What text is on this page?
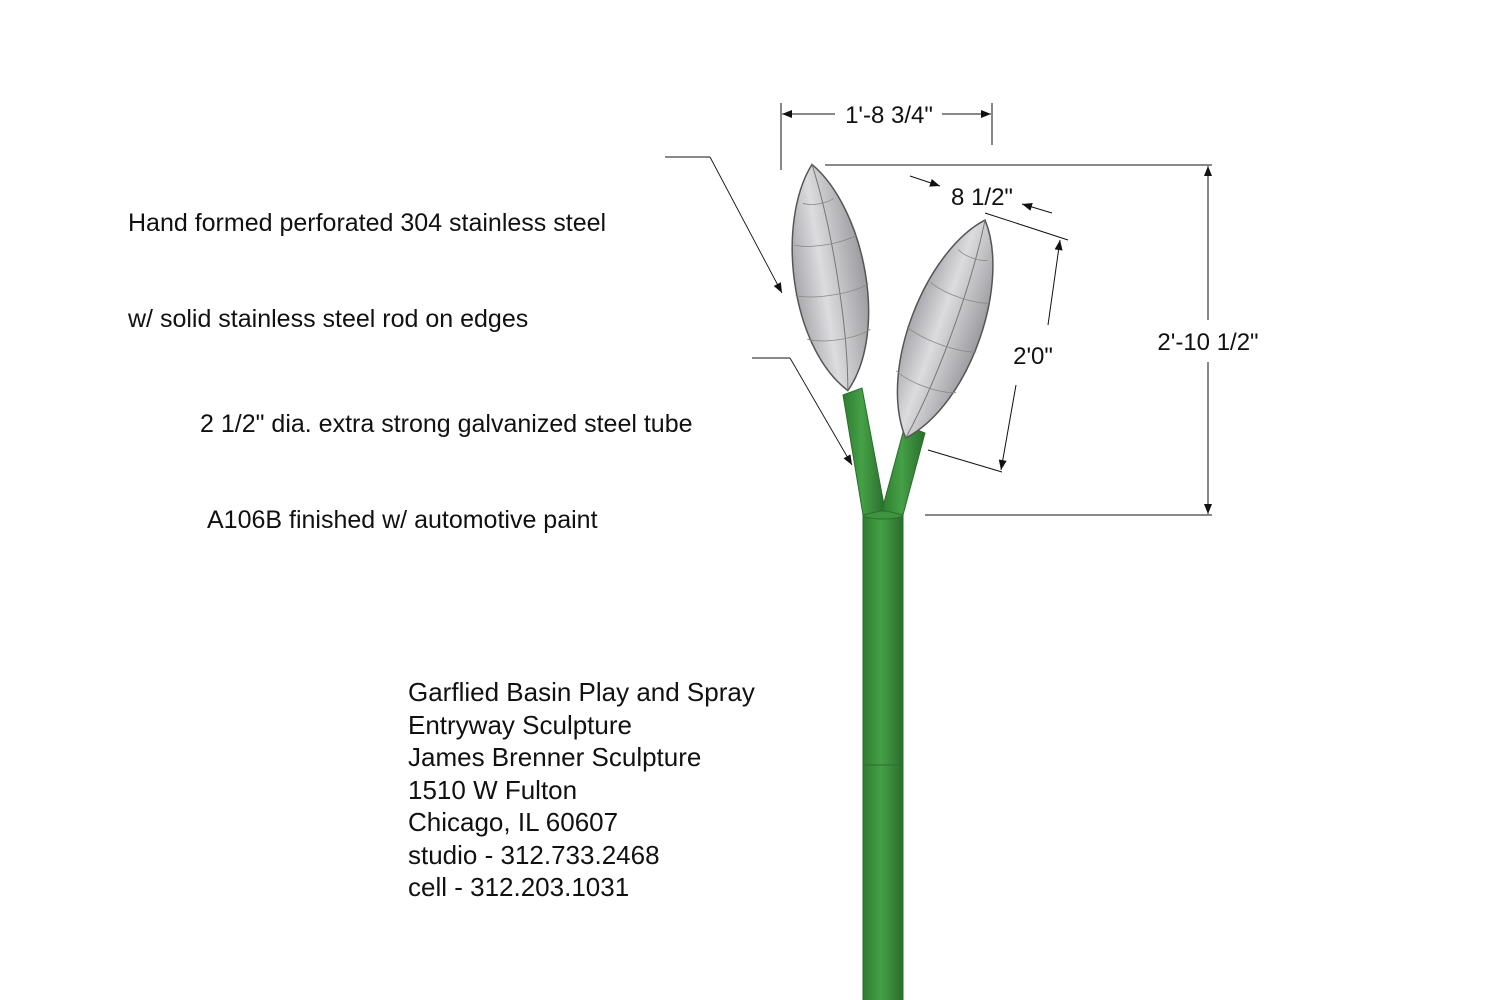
1'-8 3/4"
8 1/2"
2'0"
2'-10 1/2"

Hand formed perforated 304 stainless steel

w/ solid stainless steel rod on edges

2 1/2" dia. extra strong galvanized steel tube

A106B finished w/ automotive paint

Garflied Basin Play and Spray
Entryway Sculpture
James Brenner Sculpture
1510 W Fulton
Chicago, IL 60607
studio - 312.733.2468
cell - 312.203.1031
